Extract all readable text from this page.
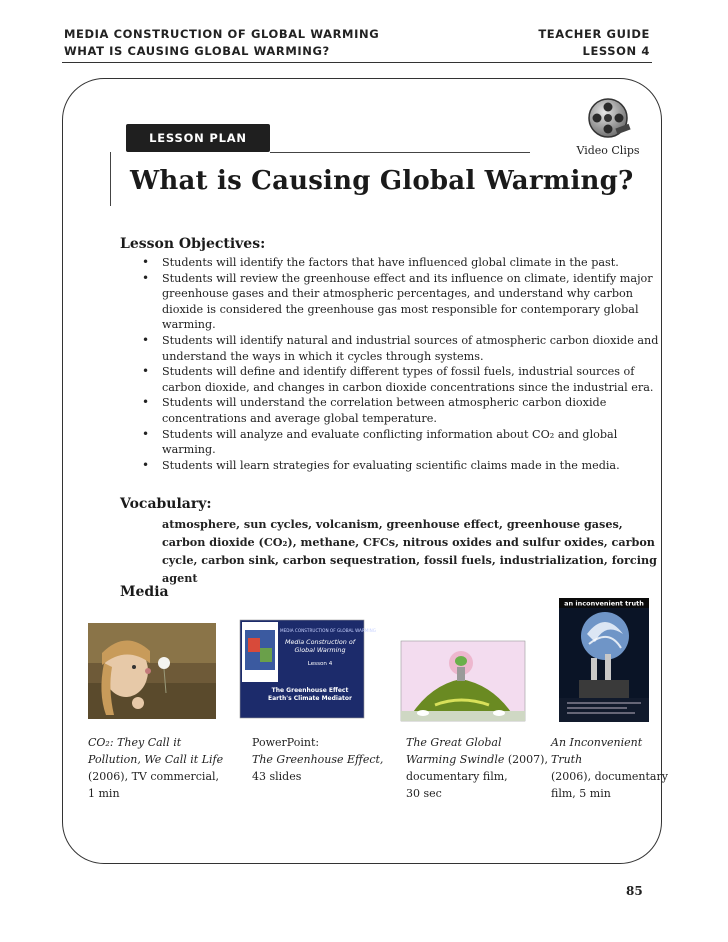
MEDIA CONSTRUCTION OF GLOBAL WARMING
WHAT IS CAUSING GLOBAL WARMING?
TEACHER GUIDE
LESSON 4
LESSON PLAN
Video Clips
What is Causing Global Warming?
Lesson Objectives:
• Students will identify the factors that have influenced global climate in the past.
• Students will review the greenhouse effect and its influence on climate, identify major greenhouse gases and their atmospheric percentages, and understand why carbon dioxide is considered the greenhouse gas most responsible for contemporary global warming.
• Students will identify natural and industrial sources of atmospheric carbon dioxide and understand the ways in which it cycles through systems.
• Students will define and identify different types of fossil fuels, industrial sources of carbon dioxide, and changes in carbon dioxide concentrations since the industrial era.
• Students will understand the correlation between atmospheric carbon dioxide concentrations and average global temperature.
• Students will analyze and evaluate conflicting information about CO₂ and global warming.
• Students will learn strategies for evaluating scientific claims made in the media.
Vocabulary:
atmosphere, sun cycles, volcanism, greenhouse effect, greenhouse gases, carbon dioxide (CO₂), methane, CFCs, nitrous oxides and sulfur oxides, carbon cycle, carbon sink, carbon sequestration, fossil fuels, industrialization, forcing agent
Media
MEDIA CONSTRUCTION OF GLOBAL WARMING
Media Construction of
Global Warming
Lesson 4
The Greenhouse Effect
Earth's Climate Mediator
an inconvenient truth
CO₂: They Call it
Pollution, We Call it Life
(2006), TV commercial,
1 min
PowerPoint:
The Greenhouse Effect,
43 slides
The Great Global
Warming Swindle (2007),
documentary film,
30 sec
An Inconvenient Truth
(2006), documentary
film, 5 min
85
